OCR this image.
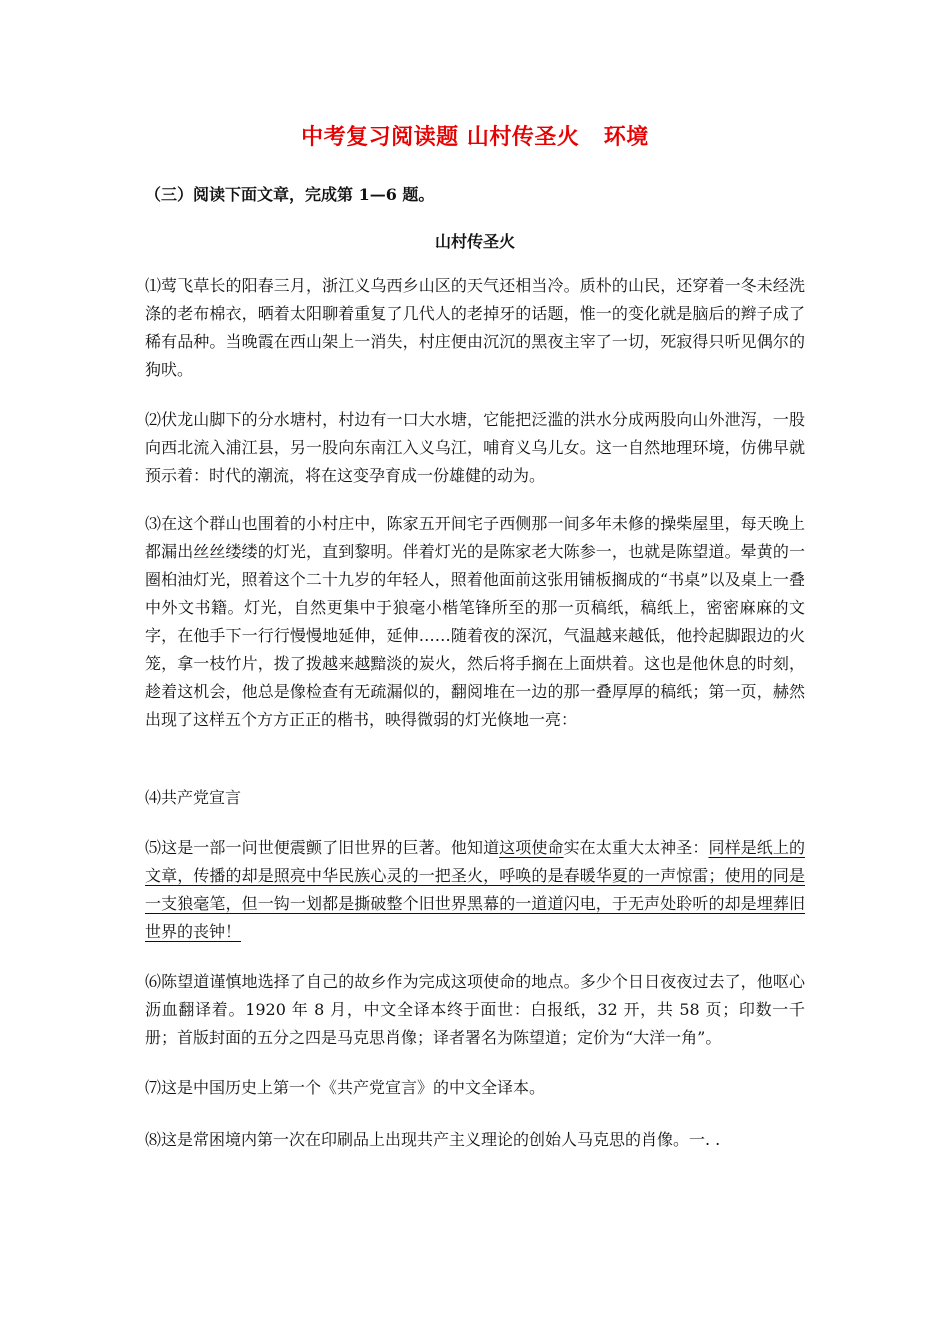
中考复习阅读题 山村传圣火   环境
（三）阅读下面文章，完成第 1—6 题。
山村传圣火

⑴莺飞草长的阳春三月，浙江义乌西乡山区的天气还相当冷。质朴的山民，还穿着一冬未经洗涤的老布棉衣，晒着太阳聊着重复了几代人的老掉牙的话题，惟一的变化就是脑后的辫子成了稀有品种。当晚霞在西山架上一消失，村庄便由沉沉的黑夜主宰了一切，死寂得只听见偶尔的狗吠。

⑵伏龙山脚下的分水塘村，村边有一口大水塘，它能把泛滥的洪水分成两股向山外泄泻，一股向西北流入浦江县，另一股向东南江入义乌江，哺育义乌儿女。这一自然地理环境，仿佛早就预示着：时代的潮流，将在这变孕育成一份雄健的动为。

⑶在这个群山也围着的小村庄中，陈家五开间宅子西侧那一间多年未修的操柴屋里，每天晚上都漏出丝丝缕缕的灯光，直到黎明。伴着灯光的是陈家老大陈参一，也就是陈望道。晕黄的一圈桕油灯光，照着这个二十九岁的年轻人，照着他面前这张用铺板搁成的“书桌”以及桌上一叠中外文书籍。灯光，自然更集中于狼毫小楷笔锋所至的那一页稿纸，稿纸上，密密麻麻的文字，在他手下一行行慢慢地延伸，延伸……随着夜的深沉，气温越来越低，他拎起脚跟边的火笼，拿一枝竹片，拨了拨越来越黯淡的炭火，然后将手搁在上面烘着。这也是他休息的时刻，趁着这机会，他总是像检查有无疏漏似的，翻阅堆在一边的那一叠厚厚的稿纸；第一页，赫然出现了这样五个方方正正的楷书，映得微弱的灯光倏地一亮：

⑷共产党宣言

⑸这是一部一问世便震颤了旧世界的巨著。他知道这项使命实在太重大太神圣：同样是纸上的文章，传播的却是照亮中华民族心灵的一把圣火，呼唤的是春暖华夏的一声惊雷；使用的同是一支狼毫笔，但一钩一划都是撕破整个旧世界黑幕的一道道闪电，于无声处聆听的却是埋葬旧世界的丧钟！

⑹陈望道谨慎地选择了自己的故乡作为完成这项使命的地点。多少个日日夜夜过去了，他呕心沥血翻译着。1920 年 8 月，中文全译本终于面世：白报纸，32 开，共 58 页；印数一千册；首版封面的五分之四是马克思肖像；译者署名为陈望道；定价为“大洋一角”。

⑺这是中国历史上第一个《共产党宣言》的中文全译本。

⑻这是常困境内第一次在印刷品上出现共产主义理论的创始人马克思的肖像。一. .
